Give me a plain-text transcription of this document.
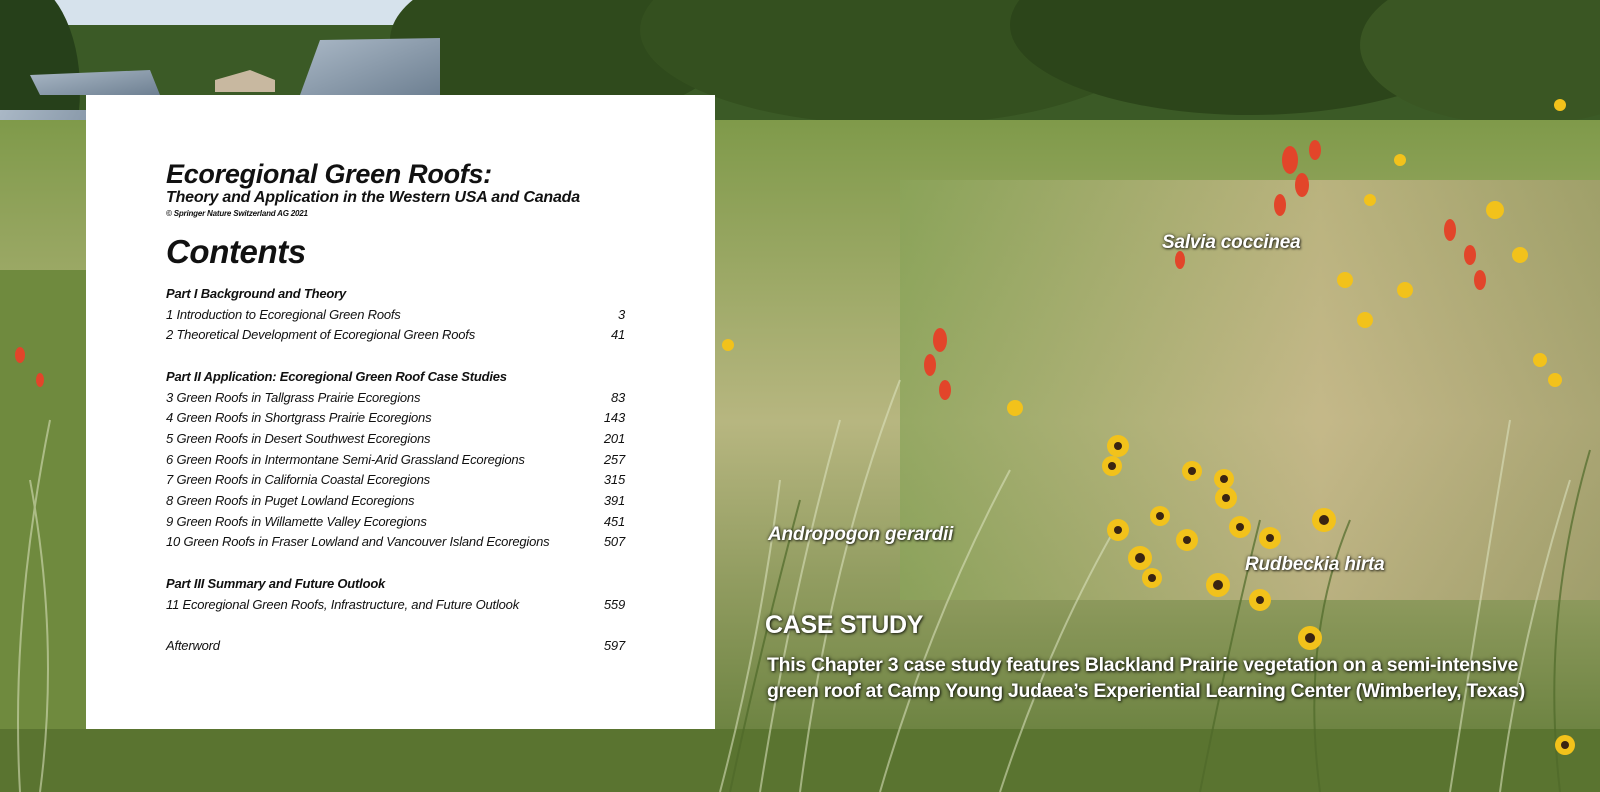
Ecoregional Green Roofs:
Theory and Application in the Western USA and Canada
© Springer Nature Switzerland AG 2021
Contents
Part I Background and Theory
1 Introduction to Ecoregional Green Roofs	3
2 Theoretical Development of Ecoregional Green Roofs	41
Part II Application: Ecoregional Green Roof Case Studies
3 Green Roofs in Tallgrass Prairie Ecoregions	83
4 Green Roofs in Shortgrass Prairie Ecoregions	143
5 Green Roofs in Desert Southwest Ecoregions	201
6 Green Roofs in Intermontane Semi-Arid Grassland Ecoregions	257
7 Green Roofs in California Coastal Ecoregions	315
8 Green Roofs in Puget Lowland Ecoregions	391
9 Green Roofs in Willamette Valley Ecoregions	451
10 Green Roofs in Fraser Lowland and Vancouver Island Ecoregions	507
Part III Summary and Future Outlook
11 Ecoregional Green Roofs, Infrastructure, and Future Outlook	559
Afterword	597
Salvia coccinea
Andropogon gerardii
Rudbeckia hirta
CASE STUDY
This Chapter 3 case study features Blackland Prairie vegetation on a semi-intensive green roof at Camp Young Judaea’s Experiential Learning Center (Wimberley, Texas)
